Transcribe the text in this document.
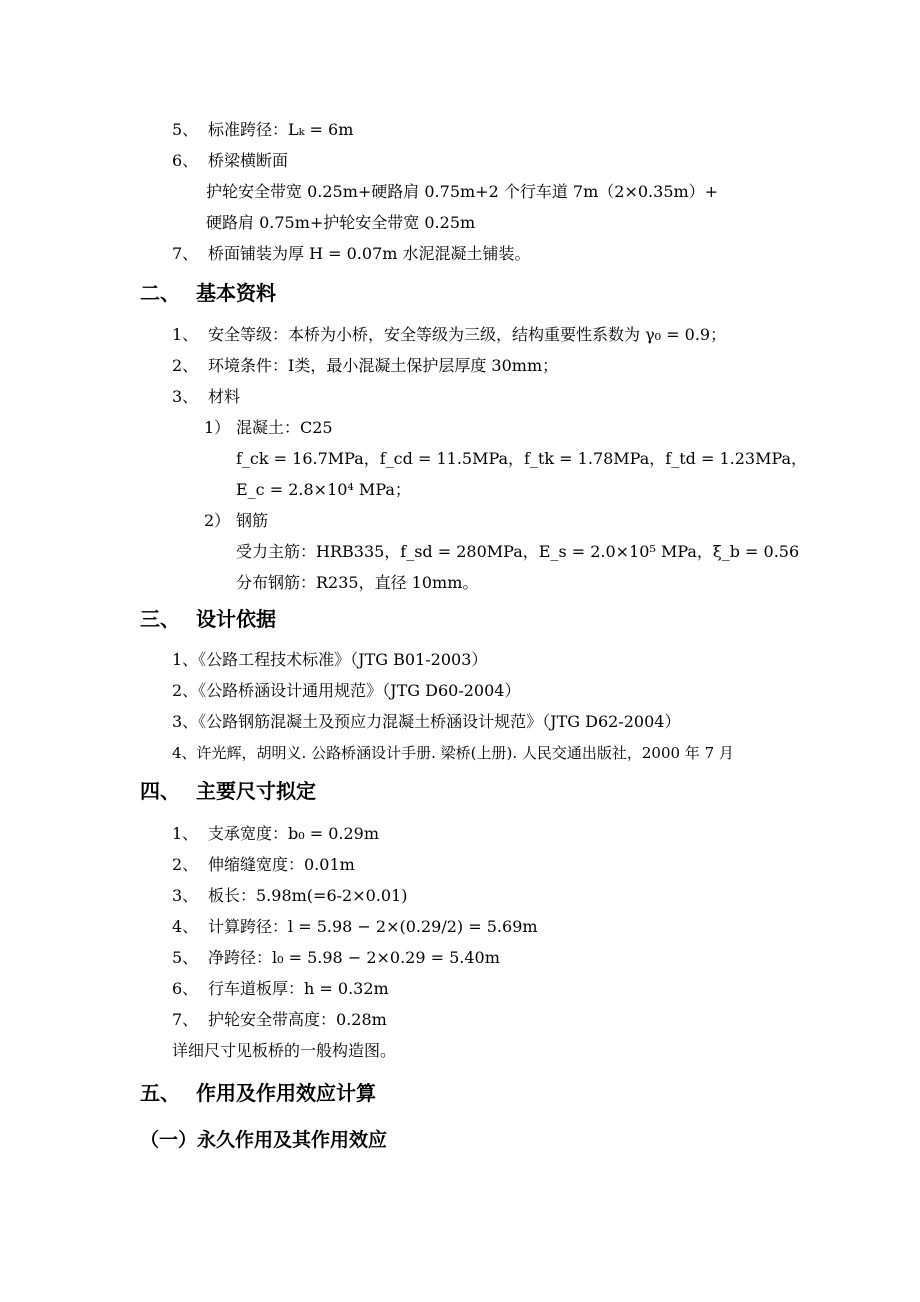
5、 标准跨径：Lₖ = 6m
6、 桥梁横断面
护轮安全带宽 0.25m+硬路肩 0.75m+2 个行车道 7m（2×0.35m）+
硬路肩 0.75m+护轮安全带宽 0.25m
7、 桥面铺装为厚 H = 0.07m 水泥混凝土铺装。
二、 基本资料
1、 安全等级：本桥为小桥，安全等级为三级，结构重要性系数为 γ₀ = 0.9；
2、 环境条件：Ⅰ类，最小混凝土保护层厚度 30mm；
3、 材料
1） 混凝土：C25
f_ck = 16.7MPa，f_cd = 11.5MPa，f_tk = 1.78MPa，f_td = 1.23MPa，
E_c = 2.8×10⁴ MPa；
2） 钢筋
受力主筋：HRB335，f_sd = 280MPa，E_s = 2.0×10⁵ MPa，ξ_b = 0.56
分布钢筋：R235，直径 10mm。
三、 设计依据
1、《公路工程技术标准》（JTG B01-2003）
2、《公路桥涵设计通用规范》（JTG D60-2004）
3、《公路钢筋混凝土及预应力混凝土桥涵设计规范》（JTG D62-2004）
4、许光辉，胡明义. 公路桥涵设计手册. 梁桥(上册). 人民交通出版社，2000 年 7 月
四、 主要尺寸拟定
1、 支承宽度：b₀ = 0.29m
2、 伸缩缝宽度：0.01m
3、 板长：5.98m(=6-2×0.01)
4、 计算跨径：l = 5.98 − 2×(0.29/2) = 5.69m
5、 净跨径：l₀ = 5.98 − 2×0.29 = 5.40m
6、 行车道板厚：h = 0.32m
7、 护轮安全带高度：0.28m
详细尺寸见板桥的一般构造图。
五、 作用及作用效应计算
（一）永久作用及其作用效应
